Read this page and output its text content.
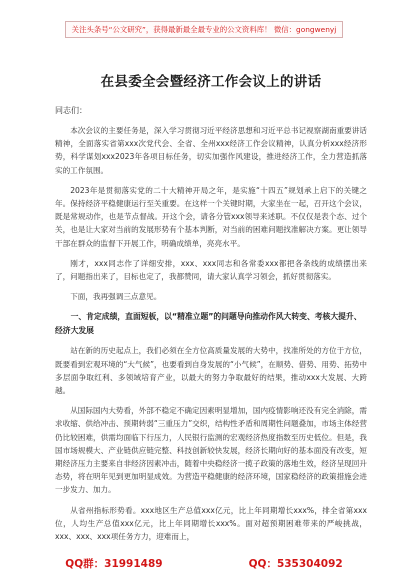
关注头条号“公文研究”，获得最新最全最专业的公文资料库！ 微信：gongwenyj
在县委全会暨经济工作会议上的讲话
同志们：

本次会议的主要任务是，深入学习贯彻习近平经济思想和习近平总书记视察湖南重要讲话精神，全面落实省第xxx次党代会、全省、全州xxx经济工作会议精神，认真分析xxx经济形势，科学谋划xxx2023年各项目标任务，切实加强作风建设，推进经济工作，全力营造抓落实的工作氛围。

2023年是贯彻落实党的二十大精神开局之年，是实施“十四五”规划承上启下的关键之年。保持经济平稳健康运行至关重要。在这样一个关键时期，大家坐在一起，召开这个会议，既是常规动作，也是节点督战。开这个会，请各分管xxx领导来述职。不仅仅是表个态、过个关，也是让大家对当前的发展形势有个基本判断，对当前的困难问题找准解决方案。更让领导干部在群众的监督下开展工作，明确成绩单，亮亮水平。

刚才，xxx同志作了详细安排，xxx、xxx同志和各常委xxx都把各条线的成绩摆出来了，问题指出来了，目标也定了，我都赞同，请大家认真学习领会，抓好贯彻落实。

下面，我再强调三点意见。

一、肯定成绩，直面短板，以“精准立题”的问题导向推动作风大转变、考核大提升、经济大发展

站在新的历史起点上，我们必须在全方位高质量发展的大势中，找准所处的方位于方位，既要看到宏观环境的“大气候”，也要看到自身发展的“小气候”，在顺势、借势、用势、拓势中多层面争取红利、多领域培育产业，以最大的努力争取最好的结果，推动xxx大发展、大跨越。

从国际国内大势看，外部不稳定不确定因素明显增加，国内疫情影响还没有完全消除，需求收缩、供给冲击、预期转弱“三重压力”交织，结构性矛盾和周期性问题叠加，市场主体经营仍比较困难，供需均面临下行压力，人民银行监测的宏观经济热度指数至历史低位。但是，我国市场规模大、产业链供应链完整、科技创新较快发展，经济长期向好的基本面没有改变，短期经济压力主要来自非经济因素冲击，随着中央稳经济一揽子政策的落地生效，经济呈现回升态势，将在明年见到更加明显成效。为营造平稳健康的经济环境，国家稳经济的政策措施会进一步发力、加力。

从省州指标形势看。xxx地区生产总值xxx亿元，比上年同期增长xxx%，排全省第xxx位，人均生产总值xxx亿元，比上年同期增长xxx%。面对超预期困难带来的严峻挑战，xxx、xxx、xxx项任务方力，迎难而上，

QQ群：31991489	QQ：535304092
